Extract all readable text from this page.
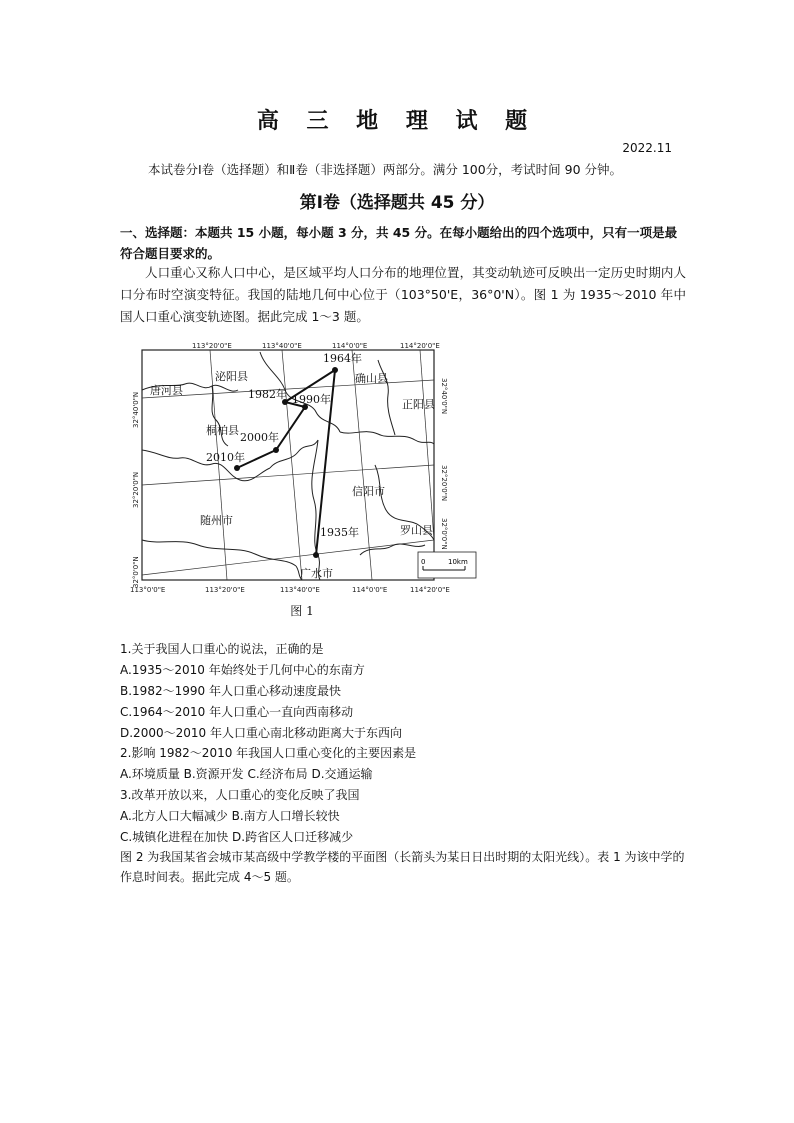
高 三 地 理 试 题
2022.11
本试卷分Ⅰ卷（选择题）和Ⅱ卷（非选择题）两部分。满分 100分，考试时间 90 分钟。
第Ⅰ卷（选择题共 45 分）
一、选择题：本题共 15 小题，每小题 3 分，共 45 分。在每小题给出的四个选项中，只有一项是最符合题目要求的。
人口重心又称人口中心，是区域平均人口分布的地理位置，其变动轨迹可反映出一定历史时期内人口分布时空演变特征。我国的陆地几何中心位于（103°50'E，36°0'N）。图 1 为 1935～2010 年中国人口重心演变轨迹图。据此完成 1～3 题。
113°20'0"E	113°40'0"E	114°0'0"E	114°20'0"E
113°0'0"E	113°20'0"E	113°40'0"E	114°0'0"E	114°20'0"E
32°40'0"N
32°20'0"N
32°0'0"N
32°40'0"N
32°20'0"N
32°0'0"N
唐河县
泌阳县	确山县
正阳县
桐柏县
信阳市
随州市
罗山县
广水市
1964年
1982年 1990年
2000年
2010年
1935年
0	10km
图 1
1.关于我国人口重心的说法，正确的是
A.1935～2010 年始终处于几何中心的东南方
B.1982～1990 年人口重心移动速度最快
C.1964～2010 年人口重心一直向西南移动
D.2000～2010 年人口重心南北移动距离大于东西向
2.影响 1982～2010 年我国人口重心变化的主要因素是
A.环境质量 B.资源开发 C.经济布局 D.交通运输
3.改革开放以来，人口重心的变化反映了我国
A.北方人口大幅减少 B.南方人口增长较快
C.城镇化进程在加快 D.跨省区人口迁移减少
图 2 为我国某省会城市某高级中学教学楼的平面图（长箭头为某日日出时期的太阳光线）。表 1 为该中学的作息时间表。据此完成 4～5 题。
